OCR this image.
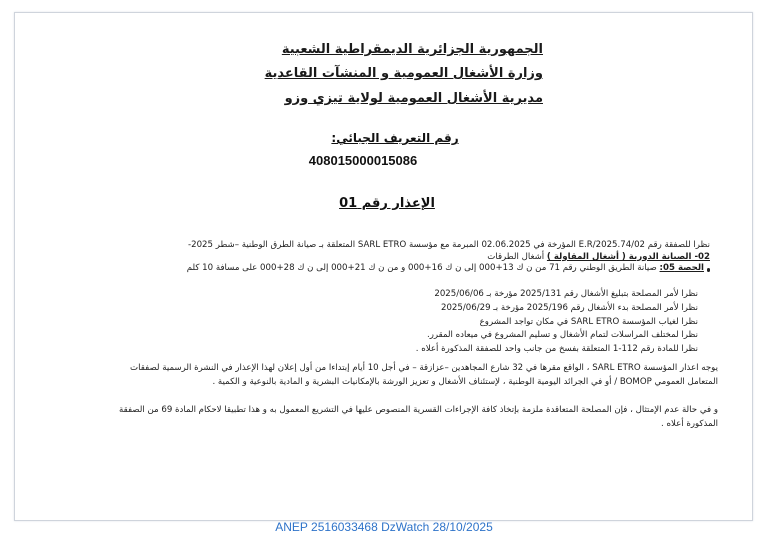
الجمهورية الجزائرية الديمقراطية الشعبية
وزارة الأشغال العمومية و المنشآت القاعدية
مديرية الأشغال العمومية لولاية تيزي وزو
رقم التعريف الجبائي:
408015000015086
الإعذار رقم 01
نظرا للصفقة رقم 74/02.E.R/2025 المؤرخة في 02.06.2025 المبرمة مع مؤسسة SARL ETRO المتعلقة بـ صيانة الطرق الوطنية –شطر 2025-
02- الصيانة الدورية ( أشغال المقاولة ) أشغال الطرقات
الحصة 05: صيانة الطريق الوطني رقم 71 من ن ك 13+000 إلى ن ك 16+000 و من ن ك 21+000 إلى ن ك 28+000 على مسافة 10 كلم
نظرا لأمر المصلحة بتبليغ الأشغال رقم 2025/131 مؤرخة بـ 2025/06/06
نظرا لأمر المصلحة بدء الأشغال رقم 2025/196 مؤرخة بـ 2025/06/29
نظرا لغياب المؤسسة SARL ETRO في مكان تواجد المشروع
نظرا لمختلف المراسلات لتمام الأشغال و تسليم المشروع في ميعاده المقرر.
نظرا للمادة رقم 112-1 المتعلقة بفسخ من جانب واحد للصفقة المذكورة أعلاه .
يوجه اعذار المؤسسة SARL ETRO ، الواقع مقرها في 32 شارع المجاهدين –عزازقة – في أجل 10 أيام إبتداءا من أول إعلان لهذا الإعذار في النشرة الرسمية لصفقات
المتعامل العمومي BOMOP / أو في الجرائد اليومية الوطنية ، لإستئناف الأشغال و تعزيز الورشة بالإمكانيات البشرية و المادية بالنوعية و الكمية .
و في حالة عدم الإمتثال ، فإن المصلحة المتعاقدة ملزمة بإتخاذ كافة الإجراءات القسرية المنصوص عليها في التشريع المعمول به و هذا تطبيقا لاحكام المادة 69 من الصفقة
المذكورة أعلاه .
ANEP 2516033468 DzWatch 28/10/2025
